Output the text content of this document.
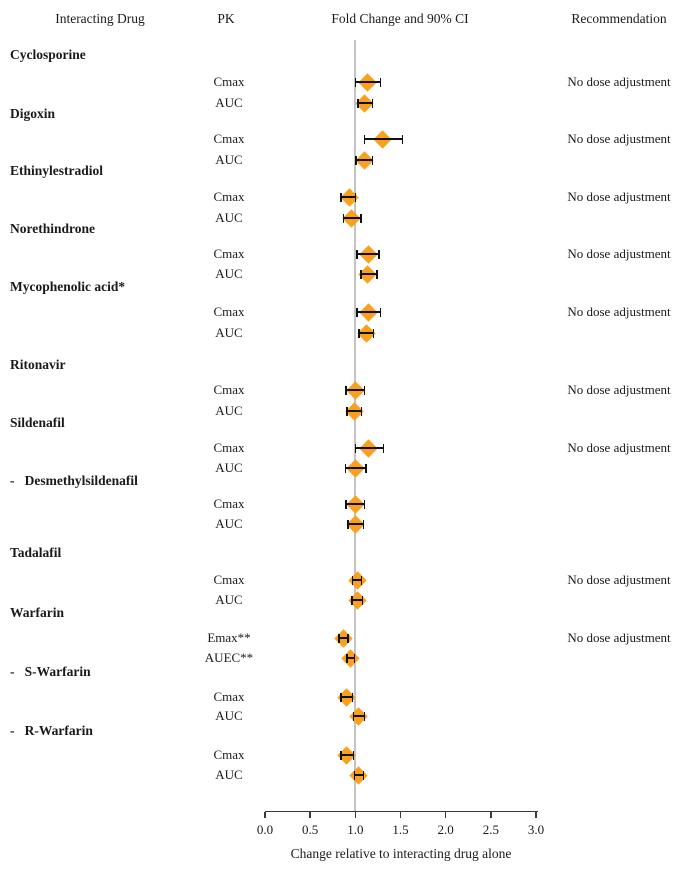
Interacting Drug	PK	Fold Change and 90% CI	Recommendation
Cyclosporine
Cmax	No dose adjustment
AUC
Digoxin
Cmax	No dose adjustment
AUC
Ethinylestradiol
Cmax	No dose adjustment
AUC
Norethindrone
Cmax	No dose adjustment
AUC
Mycophenolic acid*
Cmax	No dose adjustment
AUC
Ritonavir
Cmax	No dose adjustment
AUC
Sildenafil
Cmax	No dose adjustment
AUC
-   Desmethylsildenafil
Cmax
AUC
Tadalafil
Cmax	No dose adjustment
AUC
Warfarin
Emax**	No dose adjustment
AUEC**
-   S-Warfarin
Cmax
AUC
-   R-Warfarin
Cmax
AUC
0.0	0.5	1.0	1.5	2.0	2.5	3.0
Change relative to interacting drug alone
